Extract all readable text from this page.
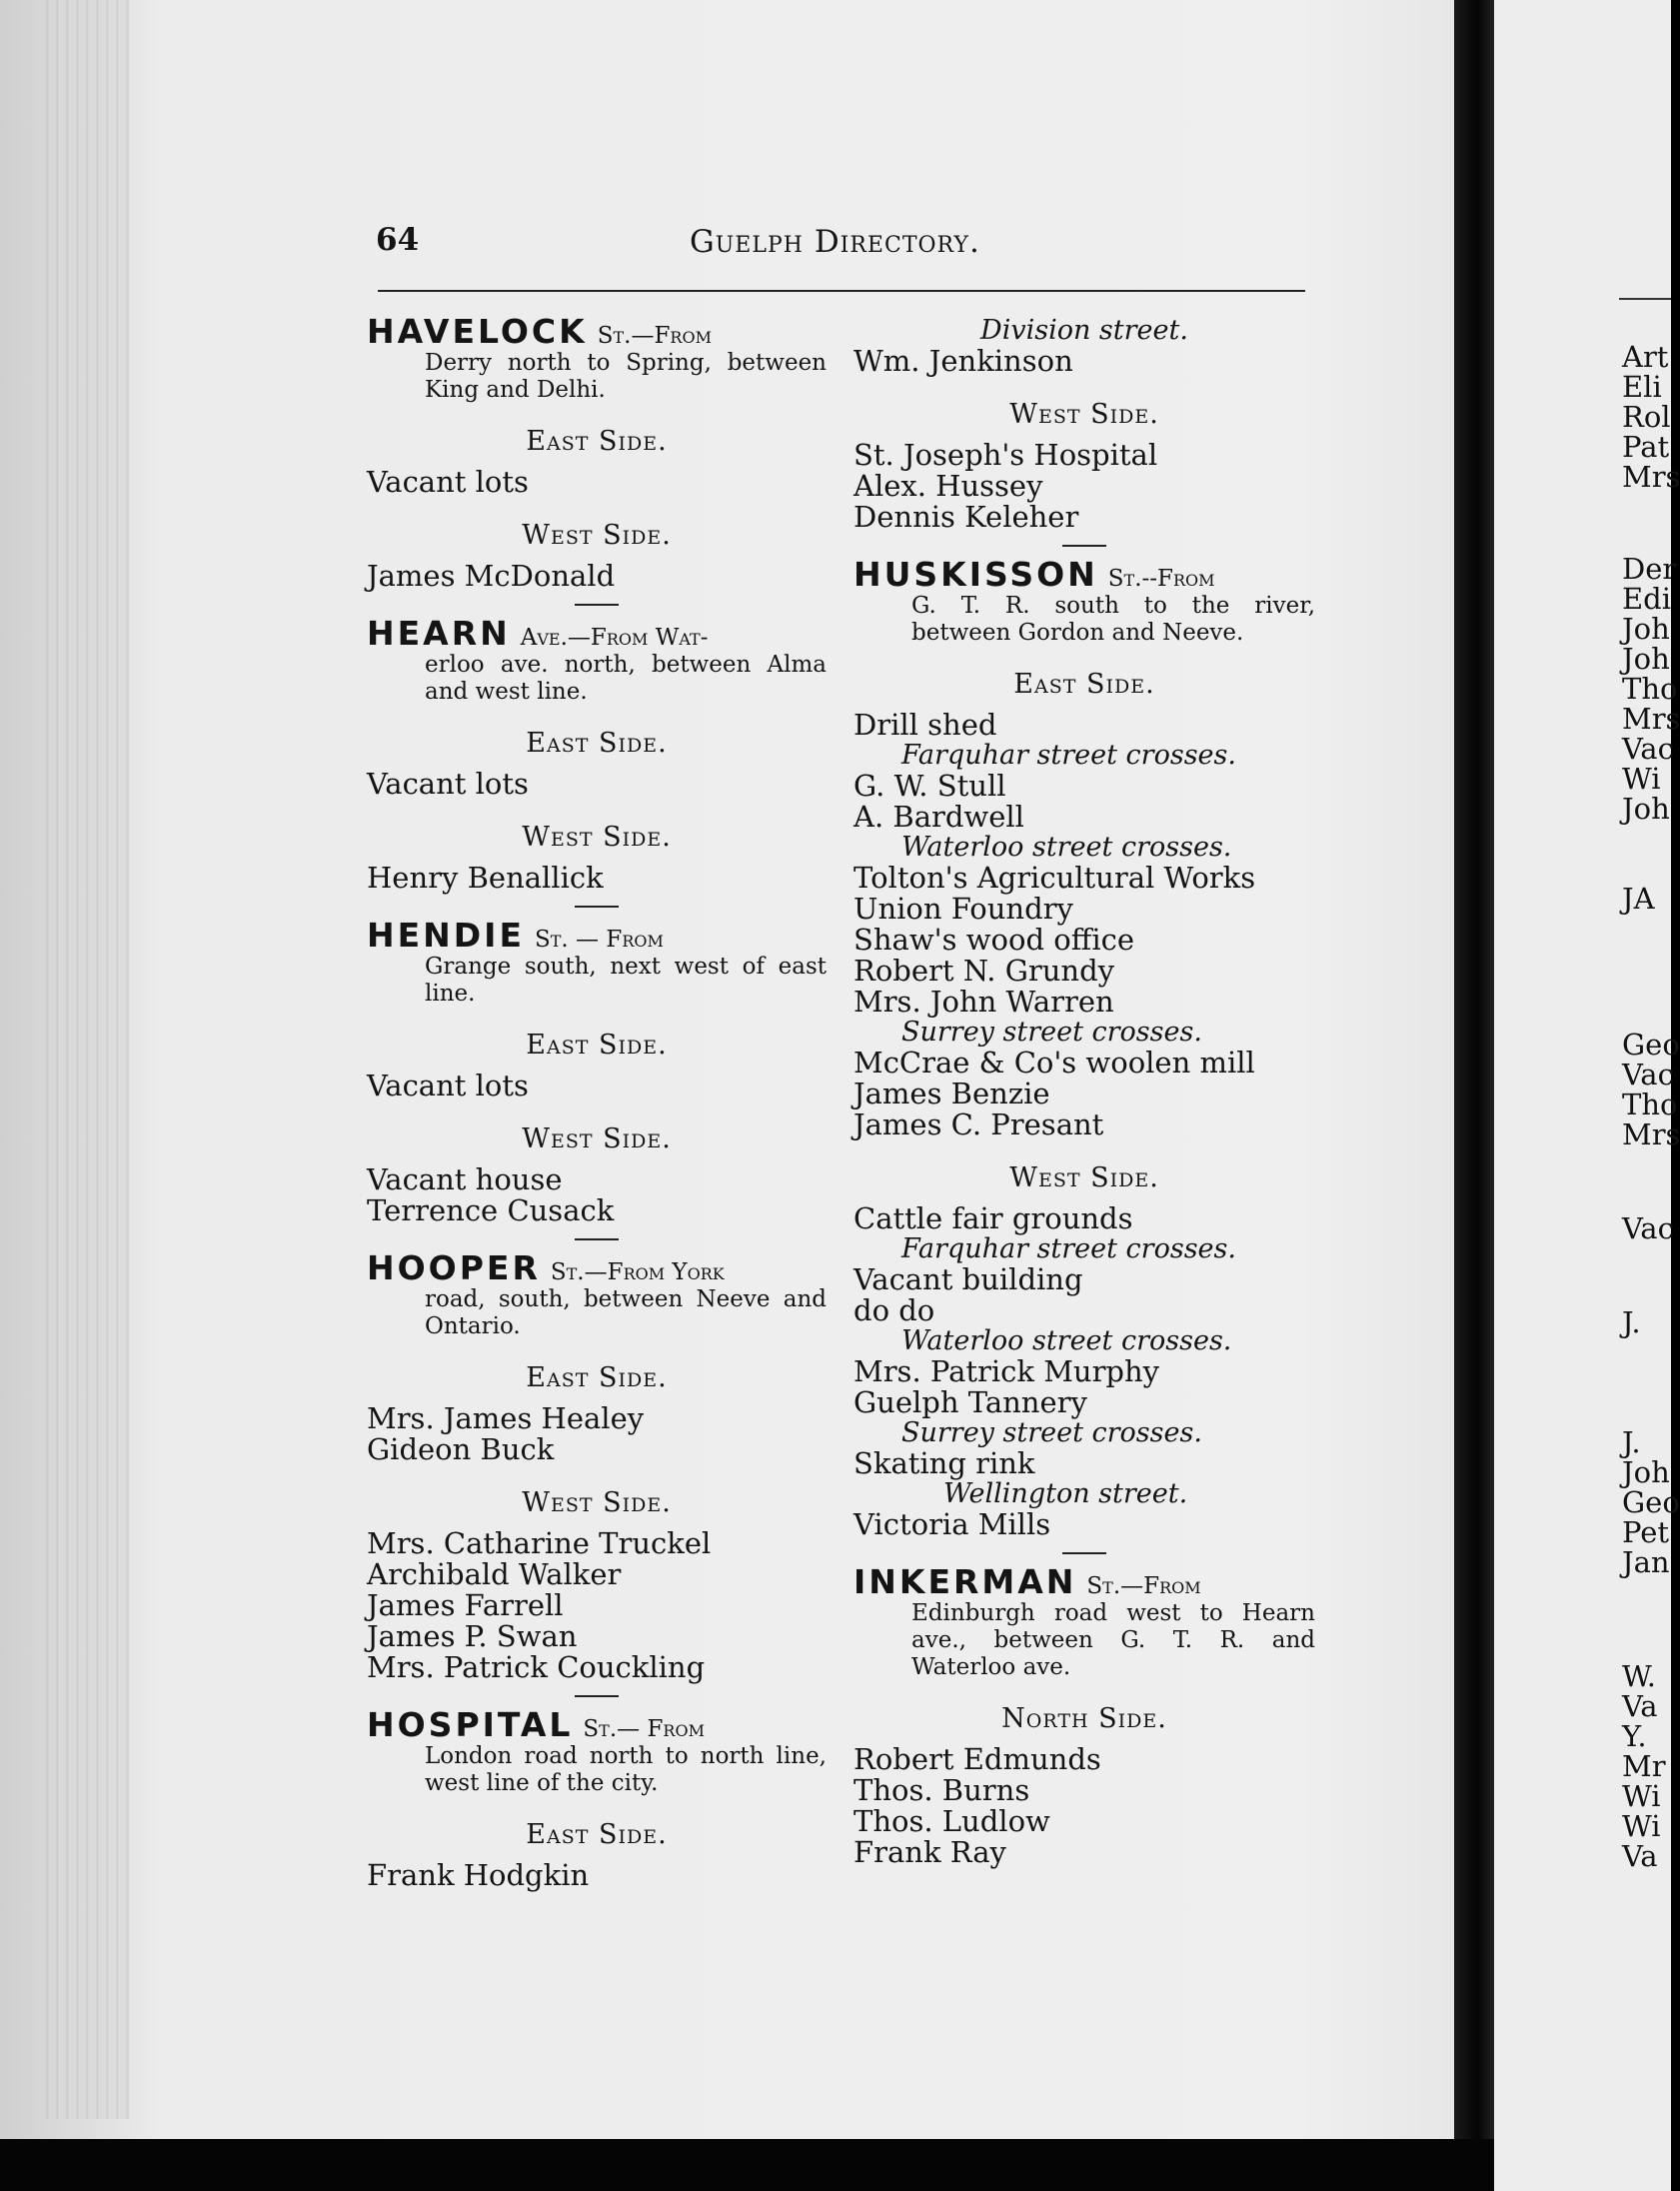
64	Guelph Directory.
HAVELOCK St.—From
Derry north to Spring, between King and Delhi.
East Side.
Vacant lots
West Side.
James McDonald
HEARN Ave.—From Wat-
erloo ave. north, between Alma and west line.
East Side.
Vacant lots
West Side.
Henry Benallick
HENDIE St. — From
Grange south, next west of east line.
East Side.
Vacant lots
West Side.
Vacant house
Terrence Cusack
HOOPER St.—From York
road, south, between Neeve and Ontario.
East Side.
Mrs. James Healey
Gideon Buck
West Side.
Mrs. Catharine Truckel
Archibald Walker
James Farrell
James P. Swan
Mrs. Patrick Couckling
HOSPITAL St.— From
London road north to north line, west line of the city.
East Side.
Frank Hodgkin
Division street.
Wm. Jenkinson
West Side.
St. Joseph's Hospital
Alex. Hussey
Dennis Keleher
HUSKISSON St.--From
G. T. R. south to the river, between Gordon and Neeve.
East Side.
Drill shed
Farquhar street crosses.
G. W. Stull
A. Bardwell
Waterloo street crosses.
Tolton's Agricultural Works
Union Foundry
Shaw's wood office
Robert N. Grundy
Mrs. John Warren
Surrey street crosses.
McCrae & Co's woolen mill
James Benzie
James C. Presant
West Side.
Cattle fair grounds
Farquhar street crosses.
Vacant building
do do
Waterloo street crosses.
Mrs. Patrick Murphy
Guelph Tannery
Surrey street crosses.
Skating rink
Wellington street.
Victoria Mills
INKERMAN St.—From
Edinburgh road west to Hearn ave., between G. T. R. and Waterloo ave.
North Side.
Robert Edmunds
Thos. Burns
Thos. Ludlow
Frank Ray
Art
Eli
Rol
Pat
Mrs
Der
Edi
Joh
Joh
Tho
Mrs
Vac
Wi
Joh
JA
Geo
Vac
Tho
Mrs
Vac
J.
J.
Joh
Geo
Pet
Jan
W.
Va
Y.
Mr
Wi
Wi
Va
